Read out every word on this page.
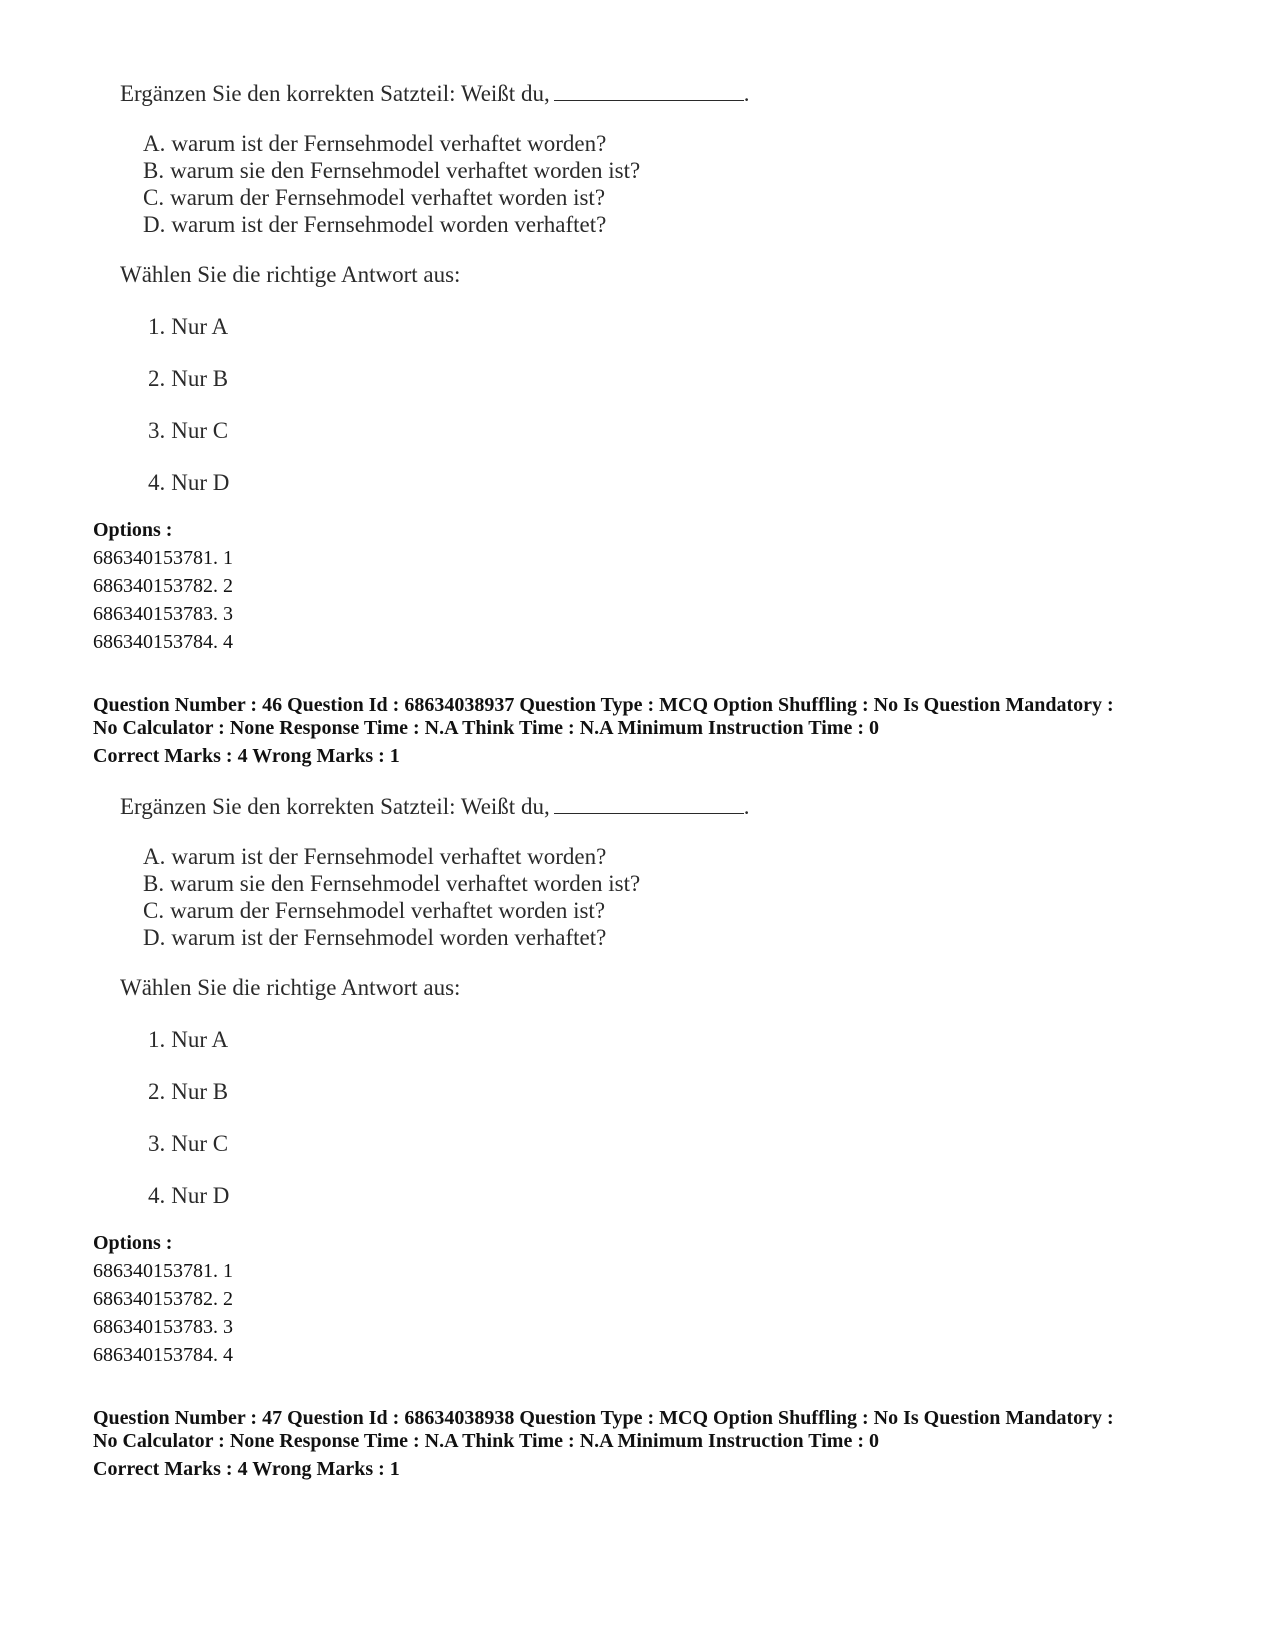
Ergänzen Sie den korrekten Satzteil: Weißt du,	.
A. warum ist der Fernsehmodel verhaftet worden?
B. warum sie den Fernsehmodel verhaftet worden ist?
C. warum der Fernsehmodel verhaftet worden ist?
D. warum ist der Fernsehmodel worden verhaftet?
Wählen Sie die richtige Antwort aus:
1. Nur A
2. Nur B
3. Nur C
4. Nur D
Options :
686340153781. 1
686340153782. 2
686340153783. 3
686340153784. 4
Question Number : 46 Question Id : 68634038937 Question Type : MCQ Option Shuffling : No Is Question Mandatory :
No Calculator : None Response Time : N.A Think Time : N.A Minimum Instruction Time : 0
Correct Marks : 4 Wrong Marks : 1
Ergänzen Sie den korrekten Satzteil: Weißt du,	.
A. warum ist der Fernsehmodel verhaftet worden?
B. warum sie den Fernsehmodel verhaftet worden ist?
C. warum der Fernsehmodel verhaftet worden ist?
D. warum ist der Fernsehmodel worden verhaftet?
Wählen Sie die richtige Antwort aus:
1. Nur A
2. Nur B
3. Nur C
4. Nur D
Options :
686340153781. 1
686340153782. 2
686340153783. 3
686340153784. 4
Question Number : 47 Question Id : 68634038938 Question Type : MCQ Option Shuffling : No Is Question Mandatory :
No Calculator : None Response Time : N.A Think Time : N.A Minimum Instruction Time : 0
Correct Marks : 4 Wrong Marks : 1
